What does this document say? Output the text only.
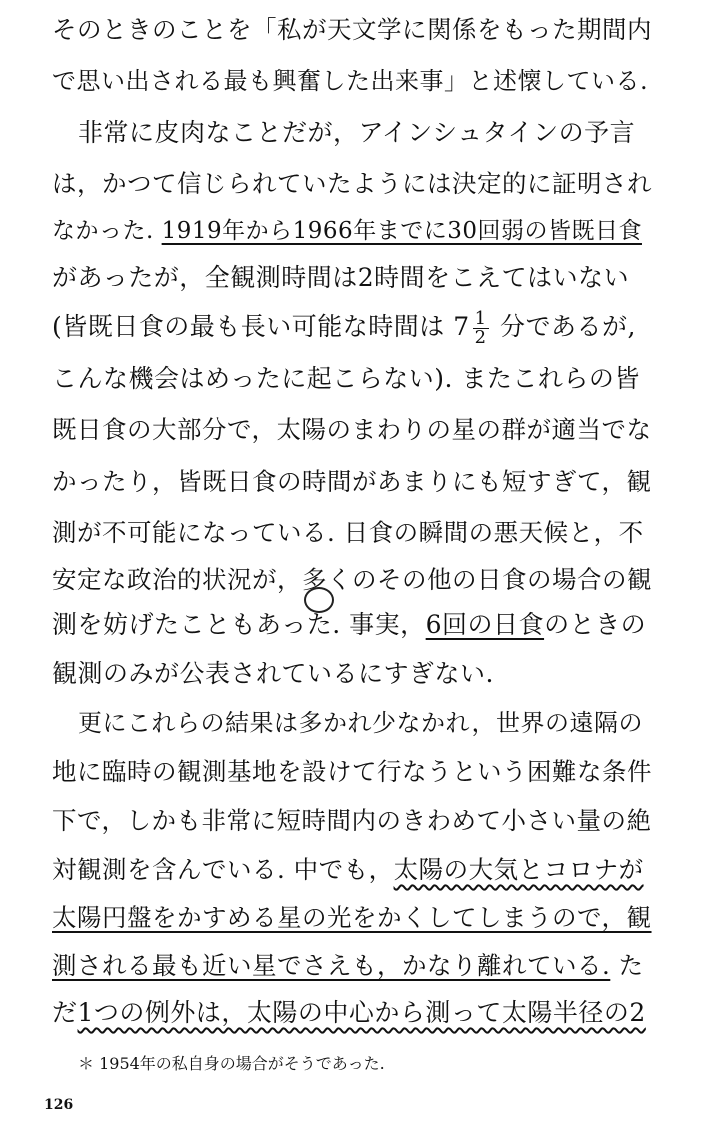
そのときのことを「私が天文学に関係をもった期間内
で思い出される最も興奮した出来事」と述懐している.
非常に皮肉なことだが，アインシュタインの予言
は，かつて信じられていたようには決定的に証明され
なかった. 1919年から1966年までに30回弱の皆既日食
があったが，全観測時間は2時間をこえてはいない
(皆既日食の最も長い可能な時間は $7 \frac{1}{2}$ 分であるが,
こんな機会はめったに起こらない). またこれらの皆
既日食の大部分で，太陽のまわりの星の群が適当でな
かったり，皆既日食の時間があまりにも短すぎて，観
測が不可能になっている. 日食の瞬間の悪天候と，不
安定な政治的状況が，多くのその他の日食の場合の観
測を妨げたこともあった. 事実，6回の日食のときの
観測のみが公表されているにすぎない.
更にこれらの結果は多かれ少なかれ，世界の遠隔の
地に臨時の観測基地を設けて行なうという困難な条件
下で，しかも非常に短時間内のきわめて小さい量の絶
対観測を含んでいる. 中でも，太陽の大気とコロナが
太陽円盤をかすめる星の光をかくしてしまうので，観
測される最も近い星でさえも，かなり離れている. た
だ1つの例外は，太陽の中心から測って太陽半径の2
＊ 1954年の私自身の場合がそうであった.
126
